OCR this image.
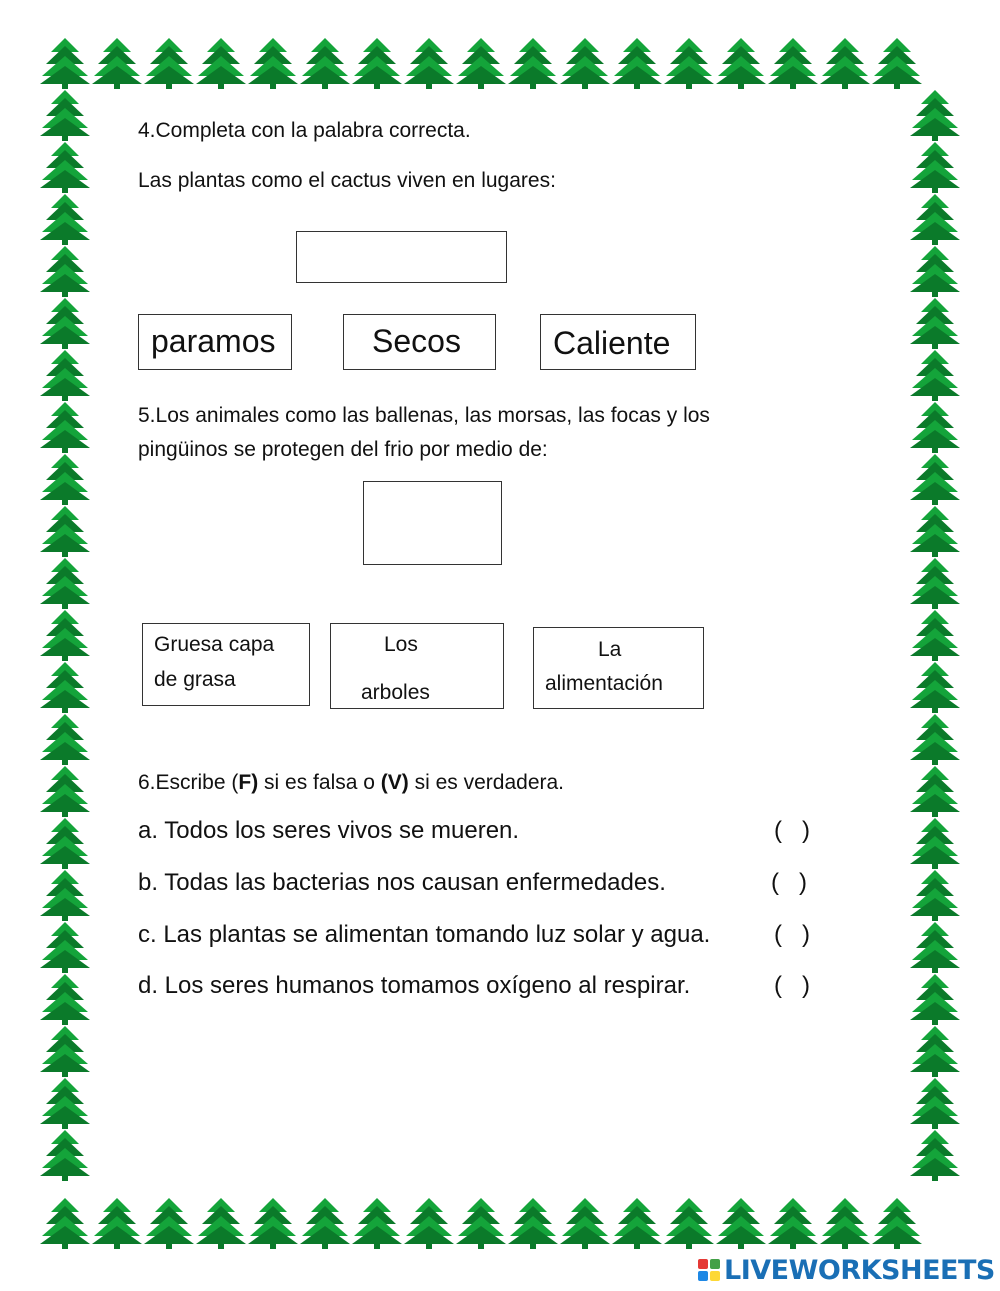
4.Completa con la palabra correcta.
Las plantas como el cactus viven en lugares:
paramos	Secos	Caliente
5.Los animales como las ballenas, las morsas, las focas y los
pingüinos se protegen del frio por medio de:
Gruesa capa
de grasa
Los
arboles
La
alimentación
6.Escribe (F) si es falsa o (V) si es verdadera.
a. Todos los seres vivos se mueren.	(   )
b. Todas las bacterias nos causan enfermedades.	(   )
c. Las plantas se alimentan tomando luz solar y agua.	(   )
d. Los seres humanos tomamos oxígeno al respirar.	(   )
LIVEWORKSHEETS
